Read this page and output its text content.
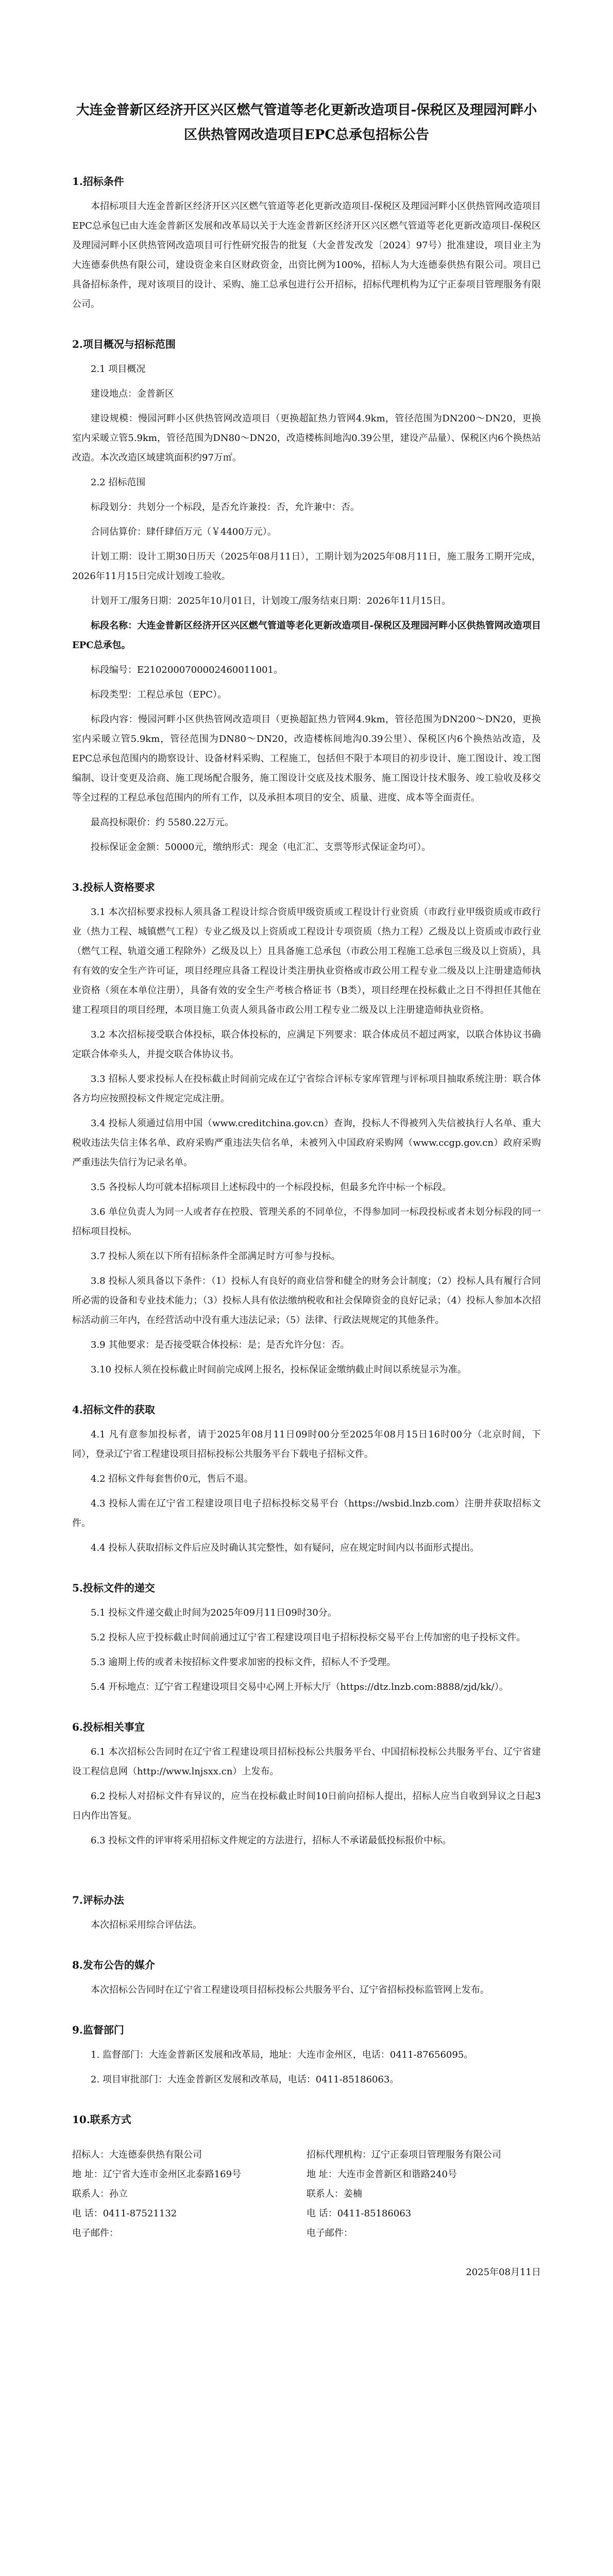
大连金普新区经济开区兴区燃气管道等老化更新改造项目-保税区及理园河畔小区供热管网改造项目EPC总承包招标公告
1.招标条件
本招标项目大连金普新区经济开区兴区燃气管道等老化更新改造项目-保税区及理园河畔小区供热管网改造项目EPC总承包已由大连金普新区发展和改革局以关于大连金普新区经济开区兴区燃气管道等老化更新改造项目-保税区及理园河畔小区供热管网改造项目可行性研究报告的批复（大金普发改发〔2024〕97号）批准建设，项目业主为大连德泰供热有限公司，建设资金来自区财政资金，出资比例为100%，招标人为大连德泰供热有限公司。项目已具备招标条件，现对该项目的设计、采购、施工总承包进行公开招标，招标代理机构为辽宁正泰项目管理服务有限公司。
2.项目概况与招标范围
2.1 项目概况
建设地点：金普新区
建设规模：慢园河畔小区供热管网改造项目（更换超缸热力管网4.9km，管径范围为DN200～DN20，更换室内采暖立管5.9km，管径范围为DN80～DN20，改造楼栋间地沟0.39公里，建设产品量）、保税区内6个换热站改造。本次改造区域建筑面积约97万㎡。
2.2 招标范围
标段划分：共划分一个标段，是否允许兼投：否，允许兼中：否。
合同估算价：肆仟肆佰万元（￥4400万元）。
计划工期：设计工期30日历天（2025年08月11日），工期计划为2025年08月11日，施工服务工期开完成，2026年11月15日完成计划竣工验收。
计划开工/服务日期：2025年10月01日，计划竣工/服务结束日期：2026年11月15日。
标段名称：大连金普新区经济开区兴区燃气管道等老化更新改造项目-保税区及理园河畔小区供热管网改造项目EPC总承包。
标段编号：E2102000700002460011001。
标段类型：工程总承包（EPC）。
标段内容：慢园河畔小区供热管网改造项目（更换超缸热力管网4.9km，管径范围为DN200～DN20，更换室内采暖立管5.9km，管径范围为DN80～DN20，改造楼栋间地沟0.39公里）、保税区内6个换热站改造，及EPC总承包范围内的勘察设计、设备材料采购、工程施工，包括但不限于本项目的初步设计、施工图设计、竣工图编制、设计变更及洽商、施工现场配合服务，施工图设计交底及技术服务、施工图设计技术服务、竣工验收及移交等全过程的工程总承包范围内的所有工作，以及承担本项目的安全、质量、进度、成本等全面责任。
最高投标限价：约 5580.22万元。
投标保证金金额：50000元，缴纳形式：现金（电汇汇、支票等形式保证金均可）。
3.投标人资格要求
3.1 本次招标要求投标人须具备工程设计综合资质甲级资质或工程设计行业资质（市政行业甲级资质或市政行业（热力工程、城镇燃气工程）专业乙级及以上资质或工程设计专项资质（热力工程）乙级及以上资质或市政行业（燃气工程、轨道交通工程除外）乙级及以上）且具备施工总承包（市政公用工程施工总承包三级及以上资质），具有有效的安全生产许可证，项目经理应具备工程设计类注册执业资格或市政公用工程专业二级及以上注册建造师执业资格（须在本单位注册），具备有效的安全生产考核合格证书（B类），项目经理在投标截止之日不得担任其他在建工程项目的项目经理，本项目施工负责人须具备市政公用工程专业二级及以上注册建造师执业资格。
3.2 本次招标接受联合体投标，联合体投标的，应满足下列要求：联合体成员不超过两家，以联合体协议书确定联合体牵头人，并提交联合体协议书。
3.3 招标人要求投标人在投标截止时间前完成在辽宁省综合评标专家库管理与评标项目抽取系统注册：联合体各方均应按照投标文件规定完成注册。
3.4 投标人须通过信用中国（www.creditchina.gov.cn）查询，投标人不得被列入失信被执行人名单、重大税收违法失信主体名单、政府采购严重违法失信名单，未被列入中国政府采购网（www.ccgp.gov.cn）政府采购严重违法失信行为记录名单。
3.5 各投标人均可就本招标项目上述标段中的一个标段投标，但最多允许中标一个标段。
3.6 单位负责人为同一人或者存在控股、管理关系的不同单位，不得参加同一标段投标或者未划分标段的同一招标项目投标。
3.7 投标人须在以下所有招标条件全部满足时方可参与投标。
3.8 投标人须具备以下条件：（1）投标人有良好的商业信誉和健全的财务会计制度；（2）投标人具有履行合同所必需的设备和专业技术能力；（3）投标人具有依法缴纳税收和社会保障资金的良好记录；（4）投标人参加本次招标活动前三年内，在经营活动中没有重大违法记录；（5）法律、行政法规规定的其他条件。
3.9 其他要求：是否接受联合体投标：是；是否允许分包：否。
3.10 投标人须在投标截止时间前完成网上报名，投标保证金缴纳截止时间以系统显示为准。
4.招标文件的获取
4.1 凡有意参加投标者，请于2025年08月11日09时00分至2025年08月15日16时00分（北京时间，下同），登录辽宁省工程建设项目招标投标公共服务平台下载电子招标文件。
4.2 招标文件每套售价0元，售后不退。
4.3 投标人需在辽宁省工程建设项目电子招标投标交易平台（https://wsbid.lnzb.com）注册并获取招标文件。
4.4 投标人获取招标文件后应及时确认其完整性，如有疑问，应在规定时间内以书面形式提出。
5.投标文件的递交
5.1 投标文件递交截止时间为2025年09月11日09时30分。
5.2 投标人应于投标截止时间前通过辽宁省工程建设项目电子招标投标交易平台上传加密的电子投标文件。
5.3 逾期上传的或者未按招标文件要求加密的投标文件，招标人不予受理。
5.4 开标地点：辽宁省工程建设项目交易中心网上开标大厅（https://dtz.lnzb.com:8888/zjd/kk/）。
6.投标相关事宜
6.1 本次招标公告同时在辽宁省工程建设项目招标投标公共服务平台、中国招标投标公共服务平台、辽宁省建设工程信息网（http://www.lnjsxx.cn）上发布。
6.2 投标人对招标文件有异议的，应当在投标截止时间10日前向招标人提出，招标人应当自收到异议之日起3日内作出答复。
6.3 投标文件的评审将采用招标文件规定的方法进行，招标人不承诺最低投标报价中标。
7.评标办法
本次招标采用综合评估法。
8.发布公告的媒介
本次招标公告同时在辽宁省工程建设项目招标投标公共服务平台、辽宁省招标投标监管网上发布。
9.监督部门
1. 监督部门：大连金普新区发展和改革局，地址：大连市金州区，电话：0411-87656095。
2. 项目审批部门：大连金普新区发展和改革局，电话：0411-85186063。
10.联系方式
招标人：大连德泰供热有限公司
地 址：辽宁省大连市金州区北泰路169号
联系人：孙立
电 话：0411-87521132
电子邮件：
招标代理机构：辽宁正泰项目管理服务有限公司
地 址：大连市金普新区和谐路240号
联系人：姜楠
电 话：0411-85186063
电子邮件：
2025年08月11日
